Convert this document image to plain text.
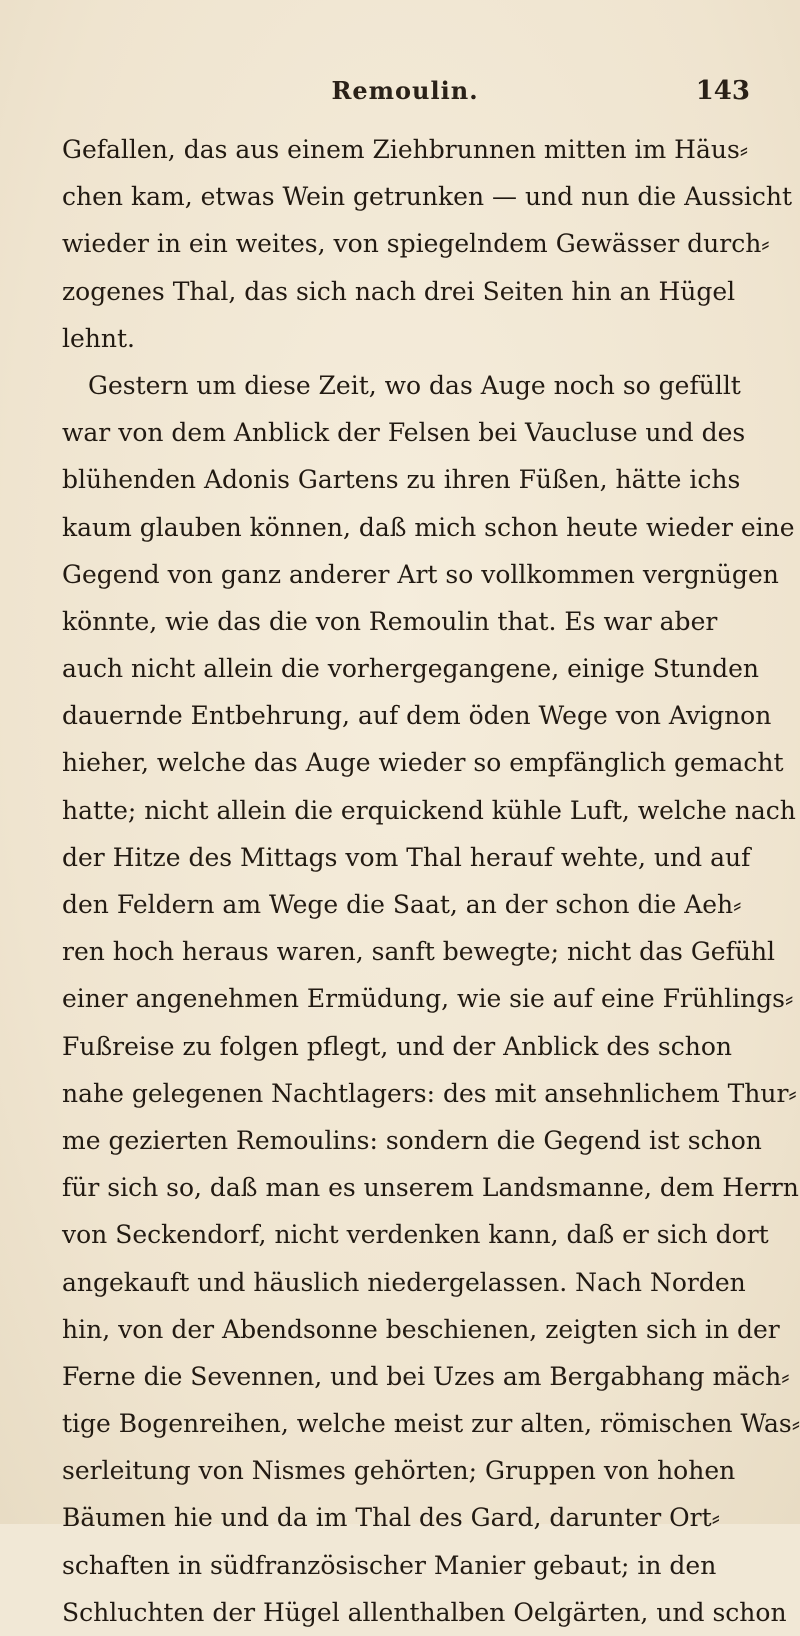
Remoulin.	143
Gefallen, das aus einem Ziehbrunnen mitten im Häus⸗
chen kam, etwas Wein getrunken — und nun die Aussicht
wieder in ein weites, von spiegelndem Gewässer durch⸗
zogenes Thal, das sich nach drei Seiten hin an Hügel
lehnt.
Gestern um diese Zeit, wo das Auge noch so gefüllt
war von dem Anblick der Felsen bei Vaucluse und des
blühenden Adonis Gartens zu ihren Füßen, hätte ichs
kaum glauben können, daß mich schon heute wieder eine
Gegend von ganz anderer Art so vollkommen vergnügen
könnte, wie das die von Remoulin that. Es war aber
auch nicht allein die vorhergegangene, einige Stunden
dauernde Entbehrung, auf dem öden Wege von Avignon
hieher, welche das Auge wieder so empfänglich gemacht
hatte; nicht allein die erquickend kühle Luft, welche nach
der Hitze des Mittags vom Thal herauf wehte, und auf
den Feldern am Wege die Saat, an der schon die Aeh⸗
ren hoch heraus waren, sanft bewegte; nicht das Gefühl
einer angenehmen Ermüdung, wie sie auf eine Frühlings⸗
Fußreise zu folgen pflegt, und der Anblick des schon
nahe gelegenen Nachtlagers: des mit ansehnlichem Thur⸗
me gezierten Remoulins: sondern die Gegend ist schon
für sich so, daß man es unserem Landsmanne, dem Herrn
von Seckendorf, nicht verdenken kann, daß er sich dort
angekauft und häuslich niedergelassen. Nach Norden
hin, von der Abendsonne beschienen, zeigten sich in der
Ferne die Sevennen, und bei Uzes am Bergabhang mäch⸗
tige Bogenreihen, welche meist zur alten, römischen Was⸗
serleitung von Nismes gehörten; Gruppen von hohen
Bäumen hie und da im Thal des Gard, darunter Ort⸗
schaften in südfranzösischer Manier gebaut; in den
Schluchten der Hügel allenthalben Oelgärten, und schon
